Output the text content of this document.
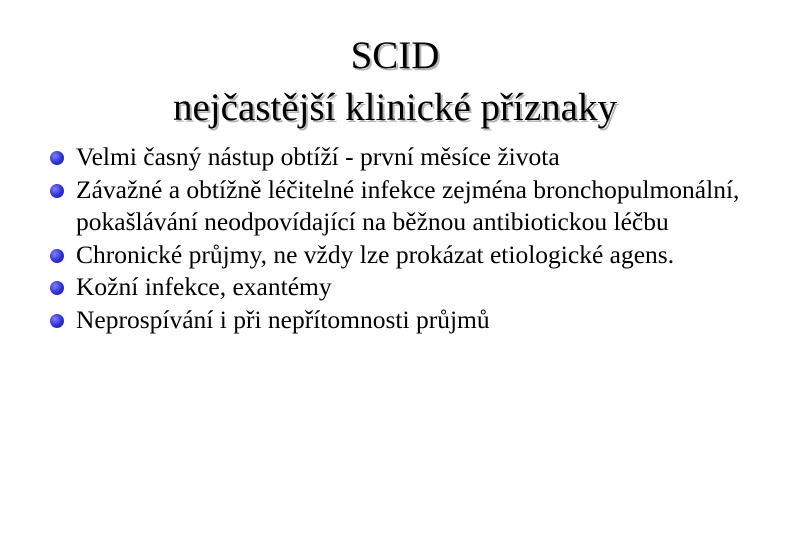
SCID
nejčastější klinické příznaky
Velmi časný nástup obtíží - první měsíce života
Závažné a obtížně léčitelné infekce zejména bronchopulmonální, pokašlávání neodpovídající na běžnou antibiotickou léčbu
Chronické průjmy, ne vždy lze prokázat etiologické agens.
Kožní infekce, exantémy
Neprospívání i při nepřítomnosti průjmů
